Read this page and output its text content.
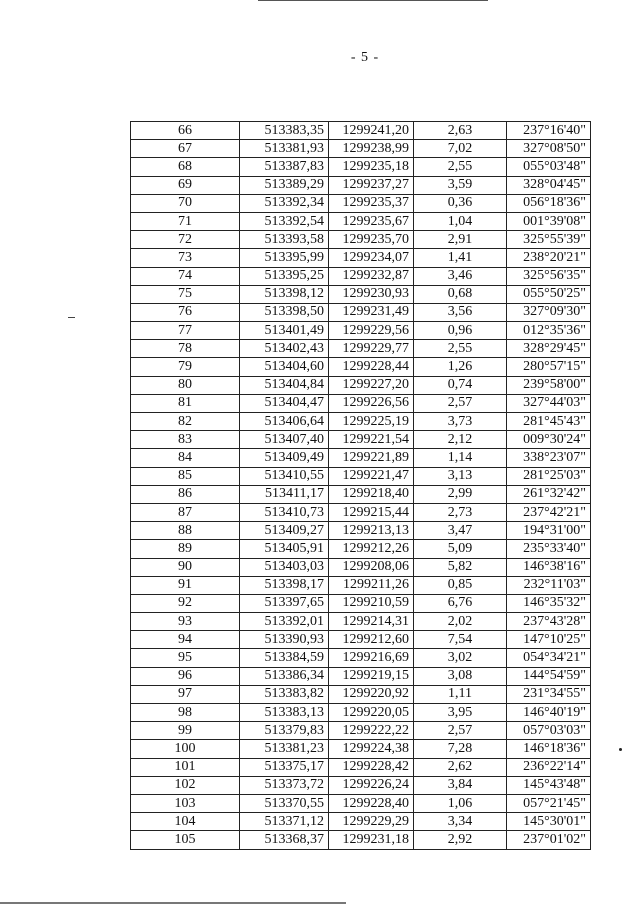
- 5 -
66	513383,35	1299241,20	2,63	237°16'40"
67	513381,93	1299238,99	7,02	327°08'50"
68	513387,83	1299235,18	2,55	055°03'48"
69	513389,29	1299237,27	3,59	328°04'45"
70	513392,34	1299235,37	0,36	056°18'36"
71	513392,54	1299235,67	1,04	001°39'08"
72	513393,58	1299235,70	2,91	325°55'39"
73	513395,99	1299234,07	1,41	238°20'21"
74	513395,25	1299232,87	3,46	325°56'35"
75	513398,12	1299230,93	0,68	055°50'25"
76	513398,50	1299231,49	3,56	327°09'30"
77	513401,49	1299229,56	0,96	012°35'36"
78	513402,43	1299229,77	2,55	328°29'45"
79	513404,60	1299228,44	1,26	280°57'15"
80	513404,84	1299227,20	0,74	239°58'00"
81	513404,47	1299226,56	2,57	327°44'03"
82	513406,64	1299225,19	3,73	281°45'43"
83	513407,40	1299221,54	2,12	009°30'24"
84	513409,49	1299221,89	1,14	338°23'07"
85	513410,55	1299221,47	3,13	281°25'03"
86	513411,17	1299218,40	2,99	261°32'42"
87	513410,73	1299215,44	2,73	237°42'21"
88	513409,27	1299213,13	3,47	194°31'00"
89	513405,91	1299212,26	5,09	235°33'40"
90	513403,03	1299208,06	5,82	146°38'16"
91	513398,17	1299211,26	0,85	232°11'03"
92	513397,65	1299210,59	6,76	146°35'32"
93	513392,01	1299214,31	2,02	237°43'28"
94	513390,93	1299212,60	7,54	147°10'25"
95	513384,59	1299216,69	3,02	054°34'21"
96	513386,34	1299219,15	3,08	144°54'59"
97	513383,82	1299220,92	1,11	231°34'55"
98	513383,13	1299220,05	3,95	146°40'19"
99	513379,83	1299222,22	2,57	057°03'03"
100	513381,23	1299224,38	7,28	146°18'36"
101	513375,17	1299228,42	2,62	236°22'14"
102	513373,72	1299226,24	3,84	145°43'48"
103	513370,55	1299228,40	1,06	057°21'45"
104	513371,12	1299229,29	3,34	145°30'01"
105	513368,37	1299231,18	2,92	237°01'02"
